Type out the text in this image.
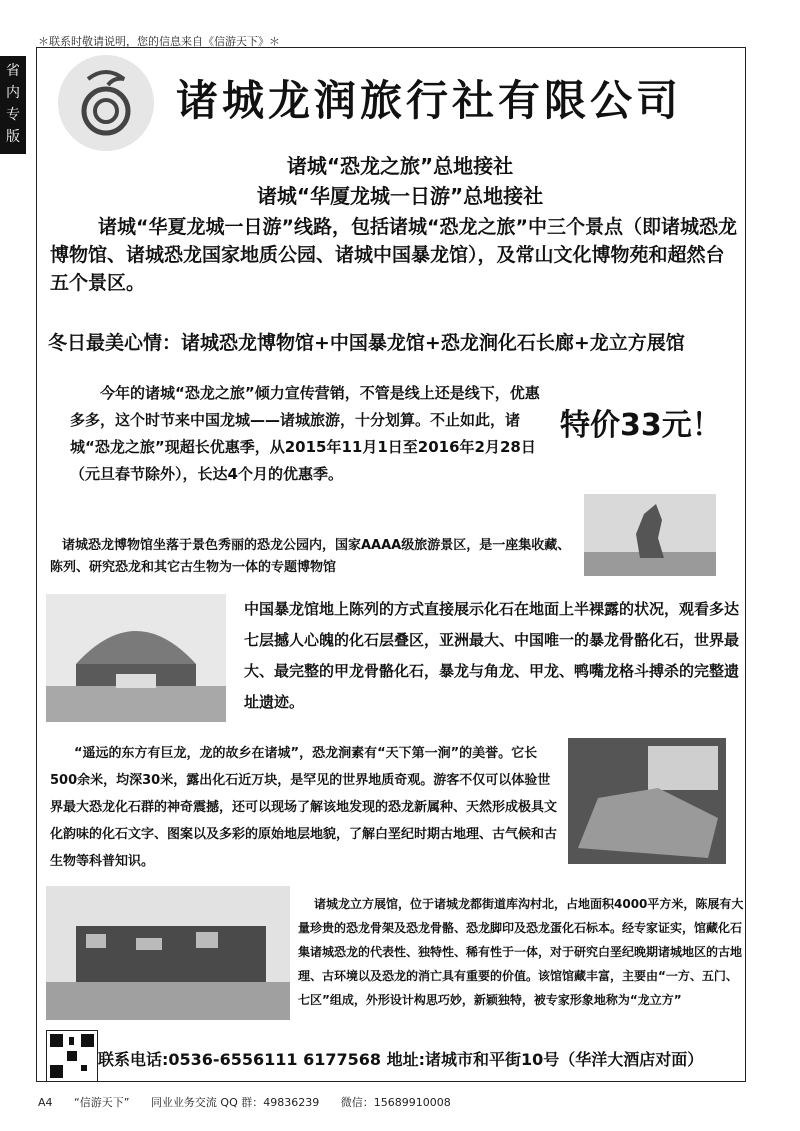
＊联系时敬请说明，您的信息来自《信游天下》＊
省内专版
诸城龙润旅行社有限公司
诸城“恐龙之旅”总地接社
诸城“华厦龙城一日游”总地接社
诸城“华夏龙城一日游”线路，包括诸城“恐龙之旅”中三个景点（即诸城恐龙博物馆、诸城恐龙国家地质公园、诸城中国暴龙馆），及常山文化博物苑和超然台五个景区。
冬日最美心情：诸城恐龙博物馆+中国暴龙馆+恐龙涧化石长廊+龙立方展馆
今年的诸城“恐龙之旅”倾力宣传营销，不管是线上还是线下，优惠多多，这个时节来中国龙城——诸城旅游，十分划算。不止如此，诸城“恐龙之旅”现超长优惠季，从2015年11月1日至2016年2月28日（元旦春节除外），长达4个月的优惠季。
特价33元！
诸城恐龙博物馆坐落于景色秀丽的恐龙公园内，国家AAAA级旅游景区，是一座集收藏、陈列、研究恐龙和其它古生物为一体的专题博物馆
中国暴龙馆地上陈列的方式直接展示化石在地面上半裸露的状况，观看多达七层撼人心魄的化石层叠区，亚洲最大、中国唯一的暴龙骨骼化石，世界最大、最完整的甲龙骨骼化石，暴龙与角龙、甲龙、鸭嘴龙格斗搏杀的完整遗址遗迹。
“遥远的东方有巨龙，龙的故乡在诸城”，恐龙涧素有“天下第一涧”的美誉。它长500余米，均深30米，露出化石近万块，是罕见的世界地质奇观。游客不仅可以体验世界最大恐龙化石群的神奇震撼，还可以现场了解该地发现的恐龙新属种、天然形成极具文化韵味的化石文字、图案以及多彩的原始地层地貌，了解白垩纪时期古地理、古气候和古生物等科普知识。
诸城龙立方展馆，位于诸城龙都街道库沟村北，占地面积4000平方米，陈展有大量珍贵的恐龙骨架及恐龙骨骼、恐龙脚印及恐龙蛋化石标本。经专家证实，馆藏化石集诸城恐龙的代表性、独特性、稀有性于一体，对于研究白垩纪晚期诸城地区的古地理、古环境以及恐龙的消亡具有重要的价值。该馆馆藏丰富，主要由“一方、五门、七区”组成，外形设计构思巧妙，新颖独特，被专家形象地称为“龙立方”
联系电话:0536-6556111 6177568 地址:诸城市和平街10号（华洋大酒店对面）
A4 “信游天下” 同业业务交流 QQ 群：49836239 微信：15689910008
